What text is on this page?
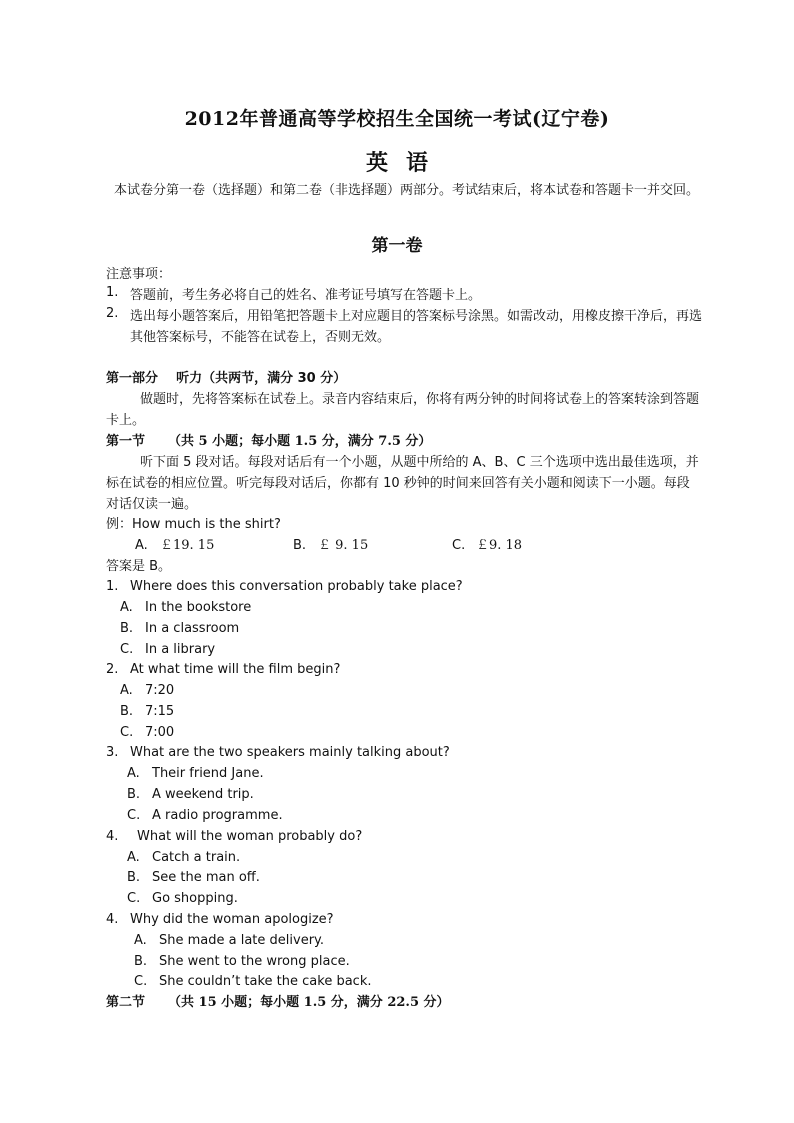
2012年普通高等学校招生全国统一考试(辽宁卷)
英语
本试卷分第一卷（选择题）和第二卷（非选择题）两部分。考试结束后，将本试卷和答题卡一并交回。
第一卷
注意事项：
1. 答题前，考生务必将自己的姓名、准考证号填写在答题卡上。
2. 选出每小题答案后，用铅笔把答题卡上对应题目的答案标号涂黑。如需改动，用橡皮擦干净后，再选其他答案标号，不能答在试卷上，否则无效。
第一部分    听力（共两节，满分 30 分）
做题时，先将答案标在试卷上。录音内容结束后，你将有两分钟的时间将试卷上的答案转涂到答题卡上。
第一节 （共 5 小题；每小题 1.5 分，满分 7.5 分）
听下面 5 段对话。每段对话后有一个小题，从题中所给的 A、B、C 三个选项中选出最佳选项，并标在试卷的相应位置。听完每段对话后，你都有 10 秒钟的时间来回答有关小题和阅读下一小题。每段对话仅读一遍。
例：How much is the shirt?
A. ￡19. 15	B. ￡ 9. 15	C. ￡9. 18
答案是 B。
1. Where does this conversation probably take place?
A. In the bookstore
B. In a classroom
C. In a library
2. At what time will the film begin?
A. 7:20
B. 7:15
C. 7:00
3. What are the two speakers mainly talking about?
A. Their friend Jane.
B. A weekend trip.
C. A radio programme.
4. What will the woman probably do?
A. Catch a train.
B. See the man off.
C. Go shopping.
4. Why did the woman apologize?
A. She made a late delivery.
B. She went to the wrong place.
C. She couldn’t take the cake back.
第二节 （共 15 小题；每小题 1.5 分，满分 22.5 分）
